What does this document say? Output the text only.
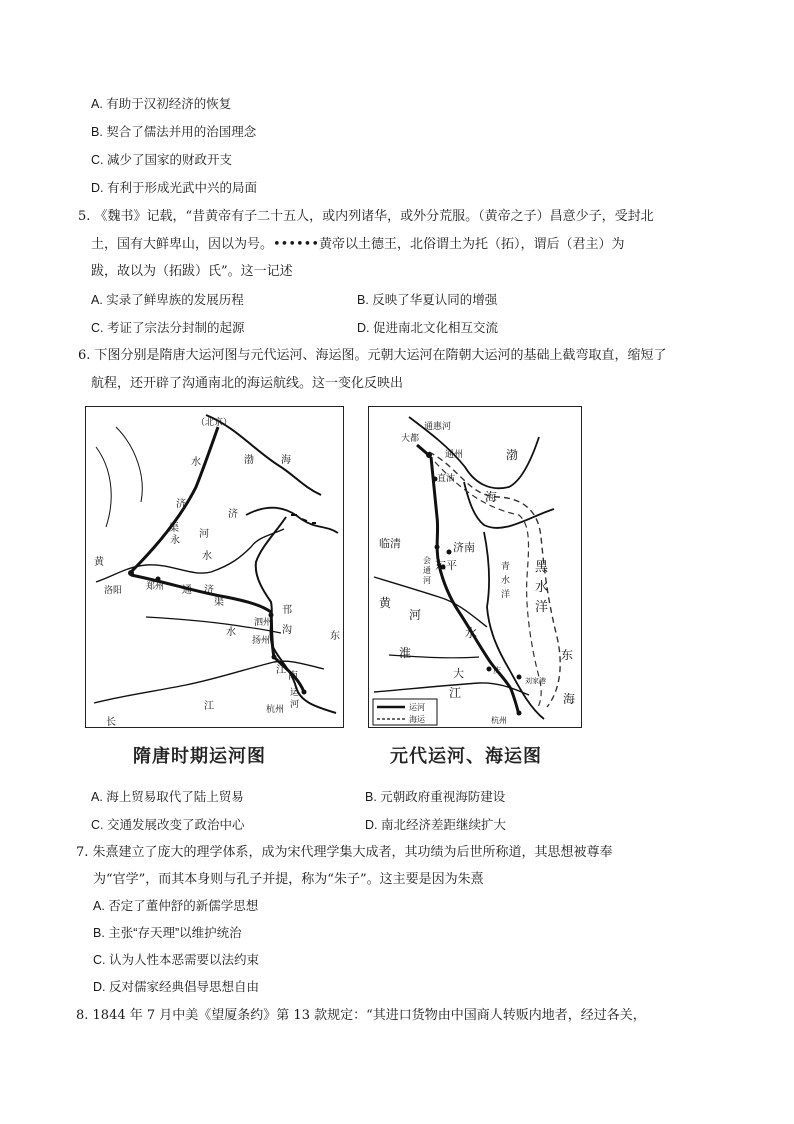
A. 有助于汉初经济的恢复
B. 契合了儒法并用的治国理念
C. 减少了国家的财政开支
D. 有利于形成光武中兴的局面
5. 《魏书》记载，“昔黄帝有子二十五人，或内列诸华，或外分荒服。（黄帝之子）昌意少子，受封北
土，国有大鲜卑山，因以为号。••••••黄帝以土德王，北俗谓土为托（拓），谓后（君主）为
跋，故以为（拓跋）氏”。这一记述
A. 实录了鲜卑族的发展历程	B. 反映了华夏认同的增强
C. 考证了宗法分封制的起源	D. 促进南北文化相互交流
6. 下图分别是隋唐大运河图与元代运河、海运图。元朝大运河在隋朝大运河的基础上截弯取直，缩短了
航程，还开辟了沟通南北的海运航线。这一变化反映出
（北京）
水	渤	海
济
济
渠
永
河
水
黄
洛阳	郑州 通 济
渠
邗
沟
泗州
扬州
水	东
江
南
运
河
杭州
江
长
隋唐时期运河图
通惠河
大都
通州
直沽
渤
海
临清	济南
会
通
河
东平	青
水
洋
黑
水
洋
黄
河
淮
水
东
大	庆
刘家港
江	海
杭州
运河
海运
元代运河、海运图
A. 海上贸易取代了陆上贸易	B. 元朝政府重视海防建设
C. 交通发展改变了政治中心	D. 南北经济差距继续扩大
7. 朱熹建立了庞大的理学体系，成为宋代理学集大成者，其功绩为后世所称道，其思想被尊奉
为“官学”，而其本身则与孔子并提，称为“朱子”。这主要是因为朱熹
A. 否定了董仲舒的新儒学思想
B. 主张“存天理”以维护统治
C. 认为人性本恶需要以法约束
D. 反对儒家经典倡导思想自由
8. 1844 年 7 月中美《望厦条约》第 13 款规定：“其进口货物由中国商人转贩内地者，经过各关，
